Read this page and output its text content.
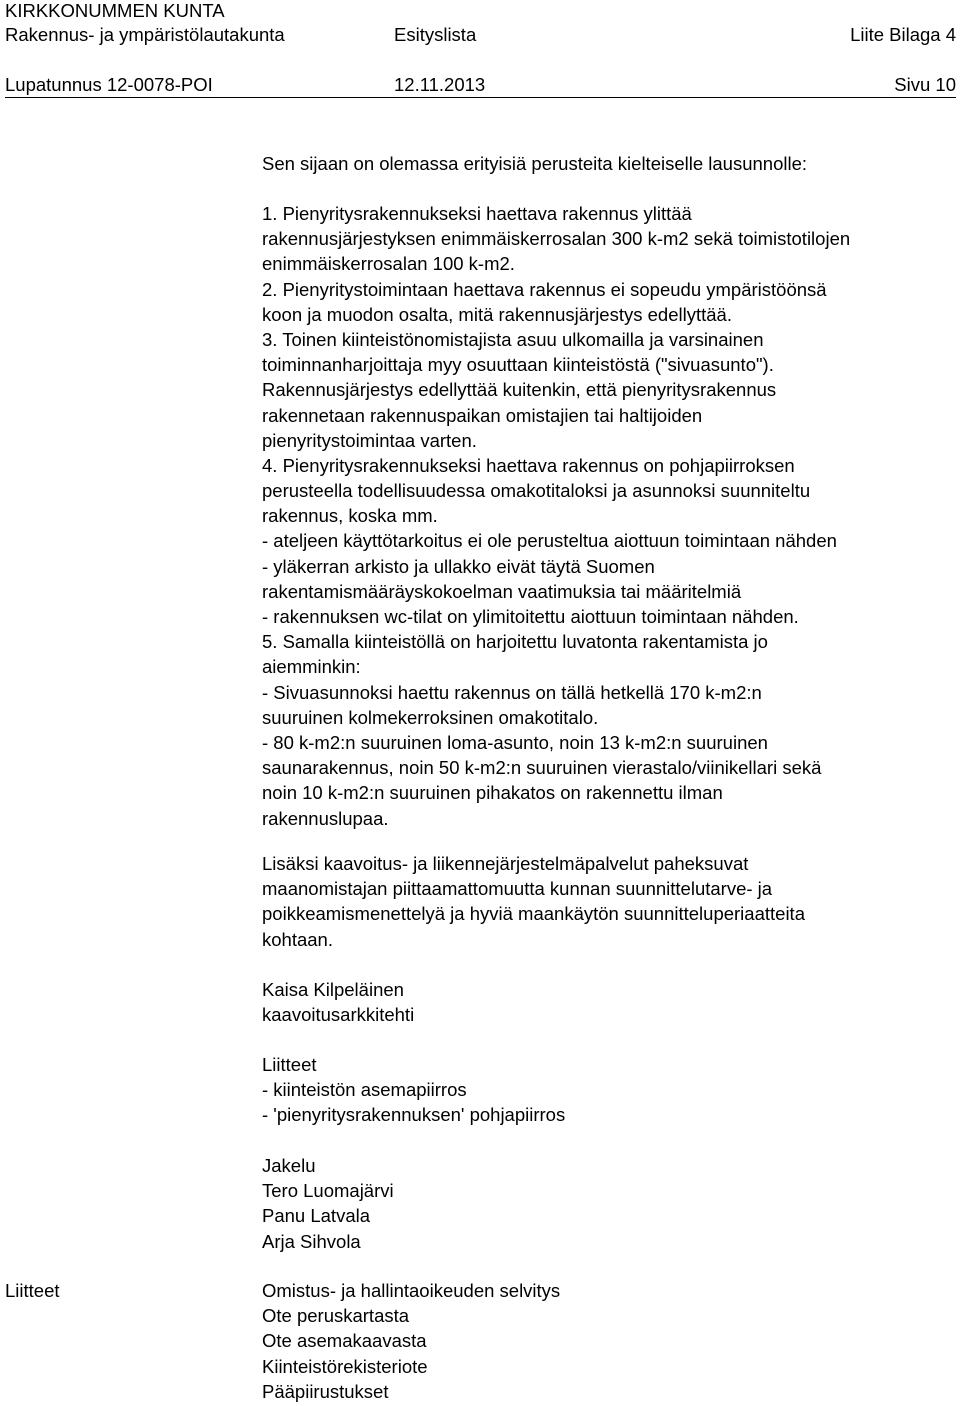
KIRKKONUMMEN KUNTA
Rakennus- ja ympäristölautakunta	Esityslista	Liite Bilaga 4
Lupatunnus 12-0078-POI	12.11.2013	Sivu 10
Sen sijaan on olemassa erityisiä perusteita kielteiselle lausunnolle:
1. Pienyritysrakennukseksi haettava rakennus ylittää
rakennusjärjestyksen enimmäiskerrosalan 300 k-m2 sekä toimistotilojen
enimmäiskerrosalan 100 k-m2.
2. Pienyritystoimintaan haettava rakennus ei sopeudu ympäristöönsä
koon ja muodon osalta, mitä rakennusjärjestys edellyttää.
3. Toinen kiinteistönomistajista asuu ulkomailla ja varsinainen
toiminnanharjoittaja myy osuuttaan kiinteistöstä ("sivuasunto").
Rakennusjärjestys edellyttää kuitenkin, että pienyritysrakennus
rakennetaan rakennuspaikan omistajien tai haltijoiden
pienyritystoimintaa varten.
4. Pienyritysrakennukseksi haettava rakennus on pohjapiirroksen
perusteella todellisuudessa omakotitaloksi ja asunnoksi suunniteltu
rakennus, koska mm.
- ateljeen käyttötarkoitus ei ole perusteltua aiottuun toimintaan nähden
- yläkerran arkisto ja ullakko eivät täytä Suomen
rakentamismääräyskokoelman vaatimuksia tai määritelmiä
- rakennuksen wc-tilat on ylimitoitettu aiottuun toimintaan nähden.
5. Samalla kiinteistöllä on harjoitettu luvatonta rakentamista jo
aiemminkin:
- Sivuasunnoksi haettu rakennus on tällä hetkellä 170 k-m2:n
suuruinen kolmekerroksinen omakotitalo.
- 80 k-m2:n suuruinen loma-asunto, noin 13 k-m2:n suuruinen
saunarakennus, noin 50 k-m2:n suuruinen vierastalo/viinikellari sekä
noin 10 k-m2:n suuruinen pihakatos on rakennettu ilman
rakennuslupaa.
Lisäksi kaavoitus- ja liikennejärjestelmäpalvelut paheksuvat
maanomistajan piittaamattomuutta kunnan suunnittelutarve- ja
poikkeamismenettelyä ja hyviä maankäytön suunnitteluperiaatteita
kohtaan.
Kaisa Kilpeläinen
kaavoitusarkkitehti
Liitteet
- kiinteistön asemapiirros
- 'pienyritysrakennuksen' pohjapiirros
Jakelu
Tero Luomajärvi
Panu Latvala
Arja Sihvola
Liitteet	Omistus- ja hallintaoikeuden selvitys
Ote peruskartasta
Ote asemakaavasta
Kiinteistörekisteriote
Pääpiirustukset
